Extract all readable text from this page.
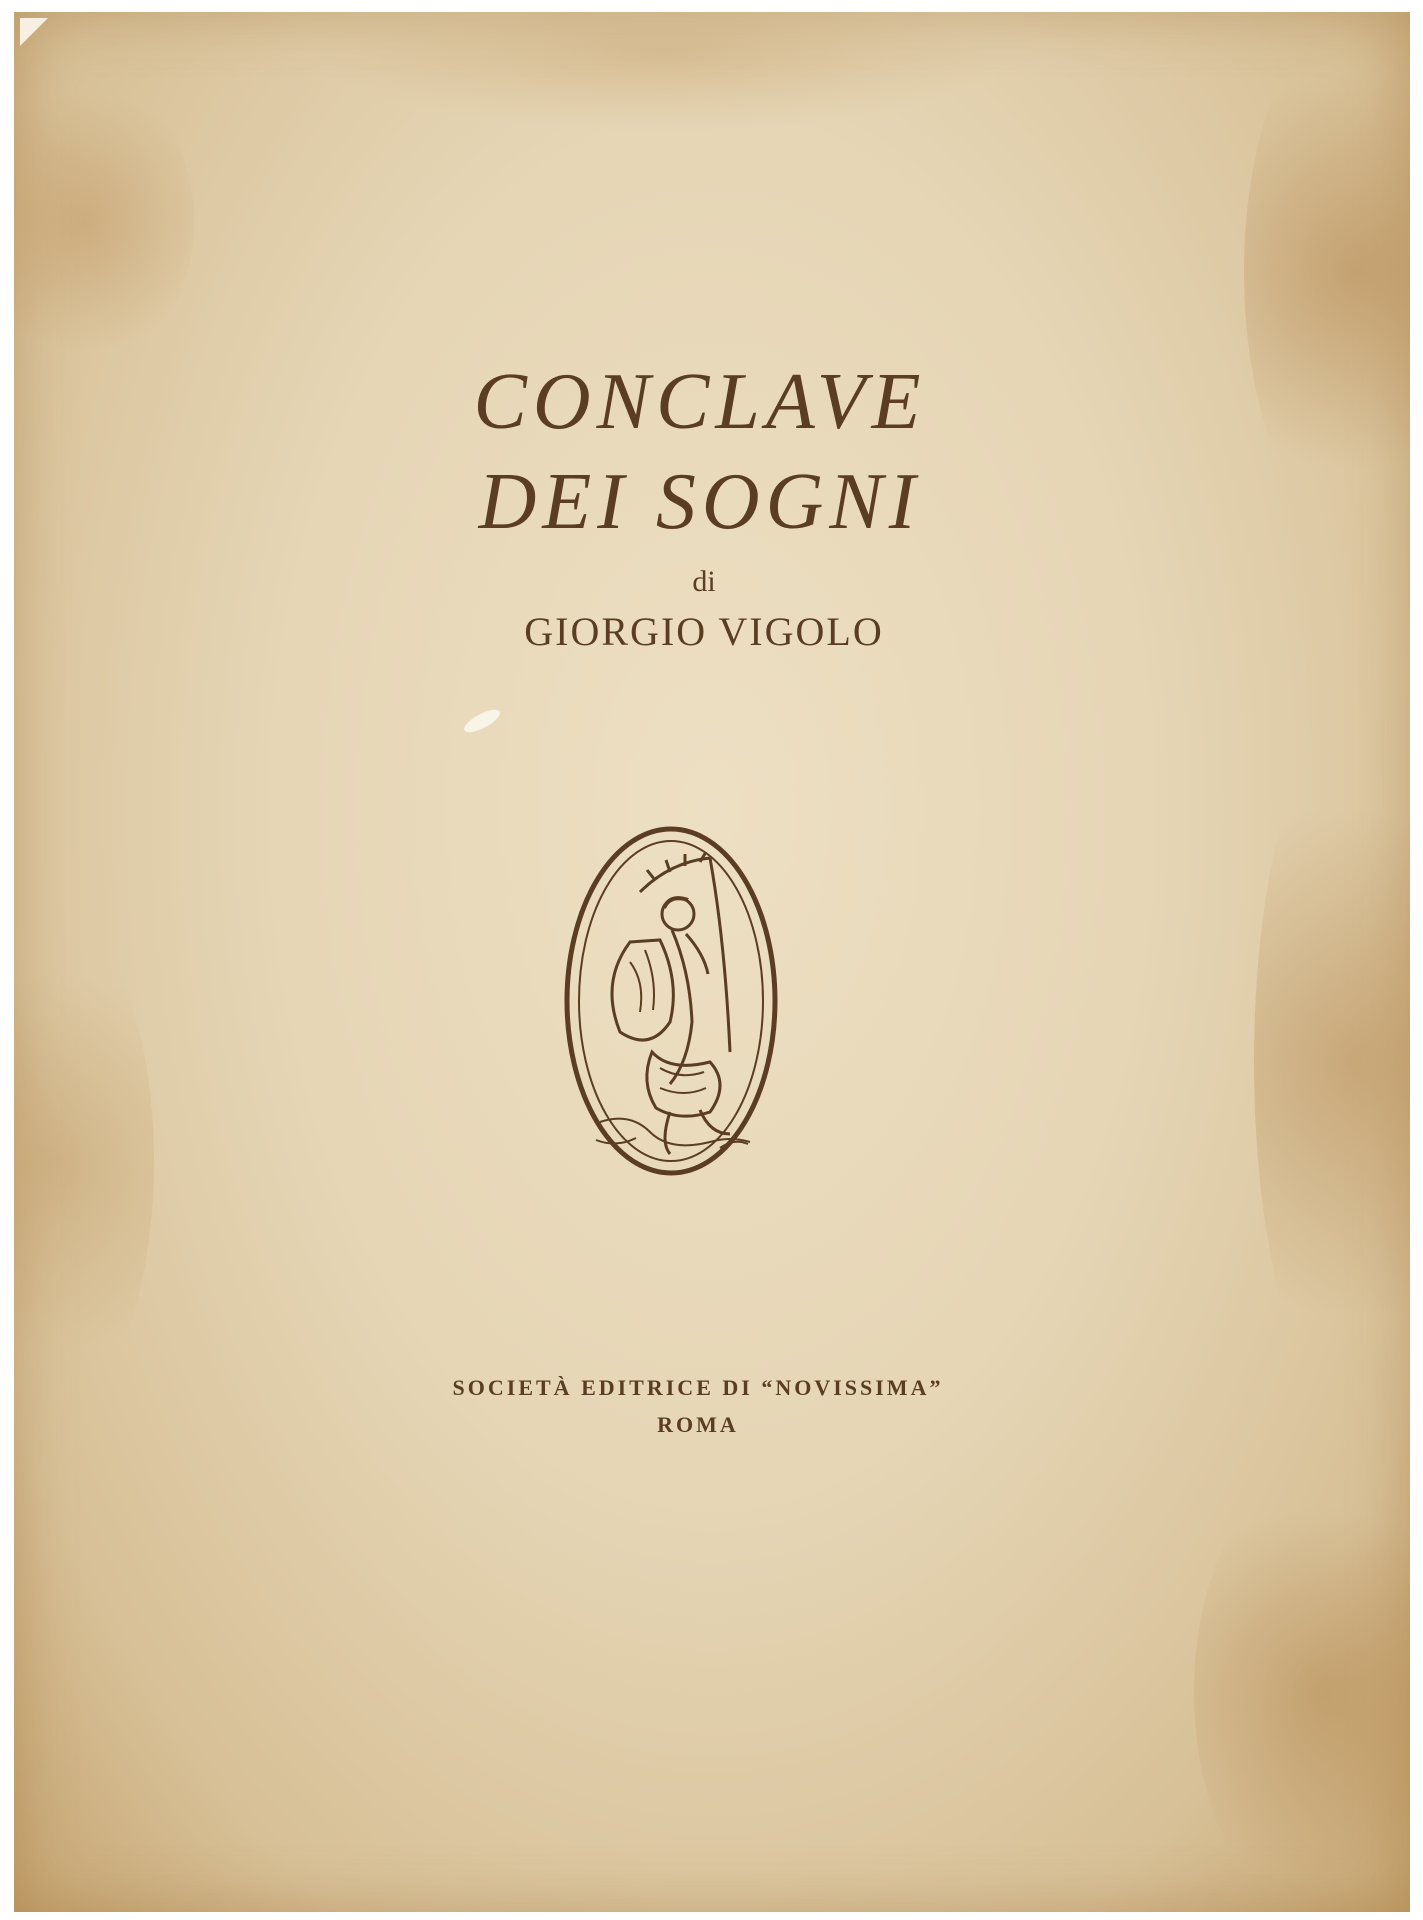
CONCLAVE
DEI SOGNI
di
GIORGIO VIGOLO
SOCIETÀ EDITRICE DI “NOVISSIMA”
ROMA
